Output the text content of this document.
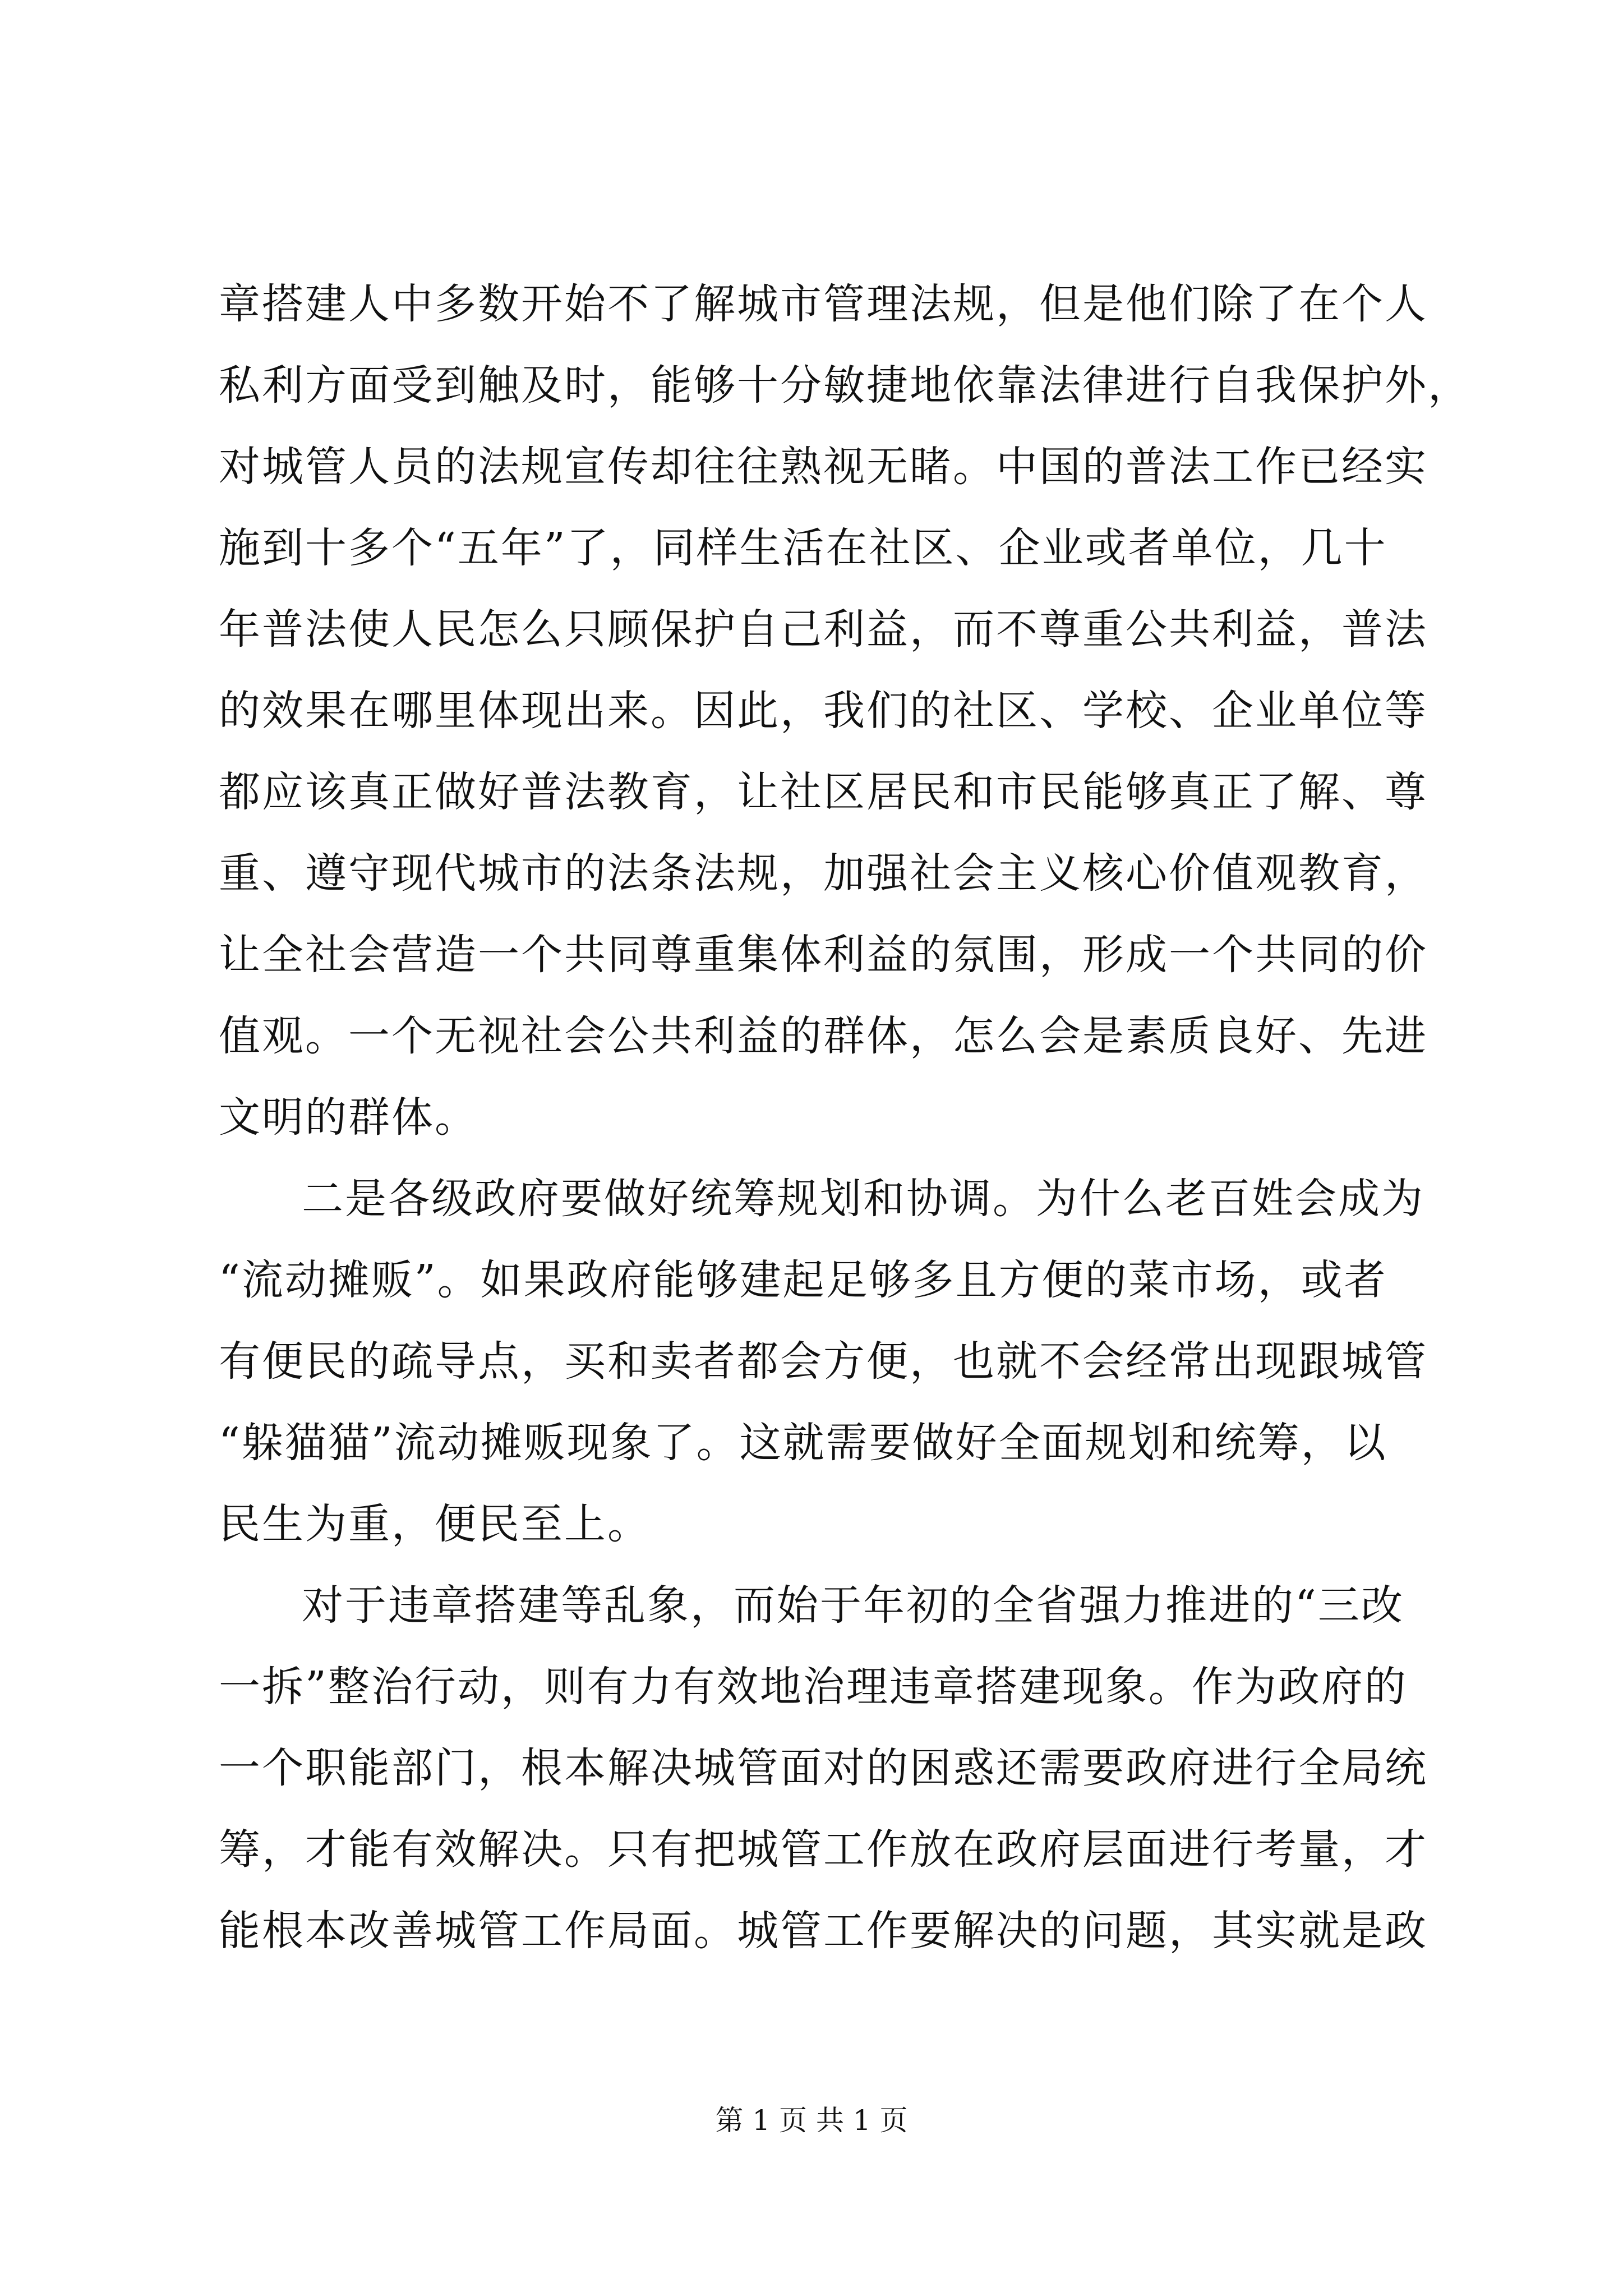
章搭建人中多数开始不了解城市管理法规，但是他们除了在个人
私利方面受到触及时，能够十分敏捷地依靠法律进行自我保护外，
对城管人员的法规宣传却往往熟视无睹。中国的普法工作已经实
施到十多个“五年”了，同样生活在社区、企业或者单位，几十
年普法使人民怎么只顾保护自己利益，而不尊重公共利益，普法
的效果在哪里体现出来。因此，我们的社区、学校、企业单位等
都应该真正做好普法教育，让社区居民和市民能够真正了解、尊
重、遵守现代城市的法条法规，加强社会主义核心价值观教育，
让全社会营造一个共同尊重集体利益的氛围，形成一个共同的价
值观。一个无视社会公共利益的群体，怎么会是素质良好、先进
文明的群体。
二是各级政府要做好统筹规划和协调。为什么老百姓会成为
“流动摊贩”。如果政府能够建起足够多且方便的菜市场，或者
有便民的疏导点，买和卖者都会方便，也就不会经常出现跟城管
“躲猫猫”流动摊贩现象了。这就需要做好全面规划和统筹，以
民生为重，便民至上。
对于违章搭建等乱象，而始于年初的全省强力推进的“三改
一拆”整治行动，则有力有效地治理违章搭建现象。作为政府的
一个职能部门，根本解决城管面对的困惑还需要政府进行全局统
筹，才能有效解决。只有把城管工作放在政府层面进行考量，才
能根本改善城管工作局面。城管工作要解决的问题，其实就是政
第 1 页 共 1 页
